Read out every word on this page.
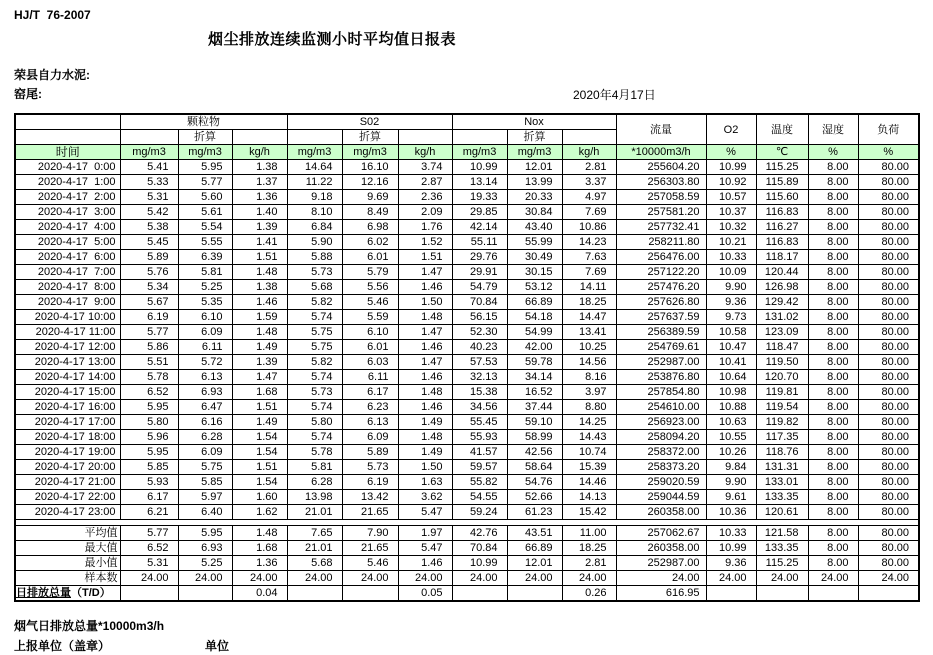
HJ/T  76-2007
烟尘排放连续监测小时平均值日报表
荣县自力水泥:
窑尾:	2020年4月17日
	颗粒物			S02			Nox			流量	O2	温度	湿度	负荷
		折算			折算			折算						
时间	mg/m3	mg/m3	kg/h	mg/m3	mg/m3	kg/h	mg/m3	mg/m3	kg/h	*10000m3/h	%	℃	%	%
2020-4-17  0:00	5.41	5.95	1.38	14.64	16.10	3.74	10.99	12.01	2.81	255604.20	10.99	115.25	8.00	80.00
2020-4-17  1:00	5.33	5.77	1.37	11.22	12.16	2.87	13.14	13.99	3.37	256303.80	10.92	115.89	8.00	80.00
2020-4-17  2:00	5.31	5.60	1.36	9.18	9.69	2.36	19.33	20.33	4.97	257058.59	10.57	115.60	8.00	80.00
2020-4-17  3:00	5.42	5.61	1.40	8.10	8.49	2.09	29.85	30.84	7.69	257581.20	10.37	116.83	8.00	80.00
2020-4-17  4:00	5.38	5.54	1.39	6.84	6.98	1.76	42.14	43.40	10.86	257732.41	10.32	116.27	8.00	80.00
2020-4-17  5:00	5.45	5.55	1.41	5.90	6.02	1.52	55.11	55.99	14.23	258211.80	10.21	116.83	8.00	80.00
2020-4-17  6:00	5.89	6.39	1.51	5.88	6.01	1.51	29.76	30.49	7.63	256476.00	10.33	118.17	8.00	80.00
2020-4-17  7:00	5.76	5.81	1.48	5.73	5.79	1.47	29.91	30.15	7.69	257122.20	10.09	120.44	8.00	80.00
2020-4-17  8:00	5.34	5.25	1.38	5.68	5.56	1.46	54.79	53.12	14.11	257476.20	9.90	126.98	8.00	80.00
2020-4-17  9:00	5.67	5.35	1.46	5.82	5.46	1.50	70.84	66.89	18.25	257626.80	9.36	129.42	8.00	80.00
2020-4-17 10:00	6.19	6.10	1.59	5.74	5.59	1.48	56.15	54.18	14.47	257637.59	9.73	131.02	8.00	80.00
2020-4-17 11:00	5.77	6.09	1.48	5.75	6.10	1.47	52.30	54.99	13.41	256389.59	10.58	123.09	8.00	80.00
2020-4-17 12:00	5.86	6.11	1.49	5.75	6.01	1.46	40.23	42.00	10.25	254769.61	10.47	118.47	8.00	80.00
2020-4-17 13:00	5.51	5.72	1.39	5.82	6.03	1.47	57.53	59.78	14.56	252987.00	10.41	119.50	8.00	80.00
2020-4-17 14:00	5.78	6.13	1.47	5.74	6.11	1.46	32.13	34.14	8.16	253876.80	10.64	120.70	8.00	80.00
2020-4-17 15:00	6.52	6.93	1.68	5.73	6.17	1.48	15.38	16.52	3.97	257854.80	10.98	119.81	8.00	80.00
2020-4-17 16:00	5.95	6.47	1.51	5.74	6.23	1.46	34.56	37.44	8.80	254610.00	10.88	119.54	8.00	80.00
2020-4-17 17:00	5.80	6.16	1.49	5.80	6.13	1.49	55.45	59.10	14.25	256923.00	10.63	119.82	8.00	80.00
2020-4-17 18:00	5.96	6.28	1.54	5.74	6.09	1.48	55.93	58.99	14.43	258094.20	10.55	117.35	8.00	80.00
2020-4-17 19:00	5.95	6.09	1.54	5.78	5.89	1.49	41.57	42.56	10.74	258372.00	10.26	118.76	8.00	80.00
2020-4-17 20:00	5.85	5.75	1.51	5.81	5.73	1.50	59.57	58.64	15.39	258373.20	9.84	131.31	8.00	80.00
2020-4-17 21:00	5.93	5.85	1.54	6.28	6.19	1.63	55.82	54.76	14.46	259020.59	9.90	133.01	8.00	80.00
2020-4-17 22:00	6.17	5.97	1.60	13.98	13.42	3.62	54.55	52.66	14.13	259044.59	9.61	133.35	8.00	80.00
2020-4-17 23:00	6.21	6.40	1.62	21.01	21.65	5.47	59.24	61.23	15.42	260358.00	10.36	120.61	8.00	80.00

平均值	5.77	5.95	1.48	7.65	7.90	1.97	42.76	43.51	11.00	257062.67	10.33	121.58	8.00	80.00
最大值	6.52	6.93	1.68	21.01	21.65	5.47	70.84	66.89	18.25	260358.00	10.99	133.35	8.00	80.00
最小值	5.31	5.25	1.36	5.68	5.46	1.46	10.99	12.01	2.81	252987.00	9.36	115.25	8.00	80.00
样本数	24.00	24.00	24.00	24.00	24.00	24.00	24.00	24.00	24.00	24.00	24.00	24.00	24.00	24.00
日排放总量（T/D）			0.04			0.05			0.26	616.95				
烟气日排放总量*10000m3/h
上报单位（盖章）	单位
